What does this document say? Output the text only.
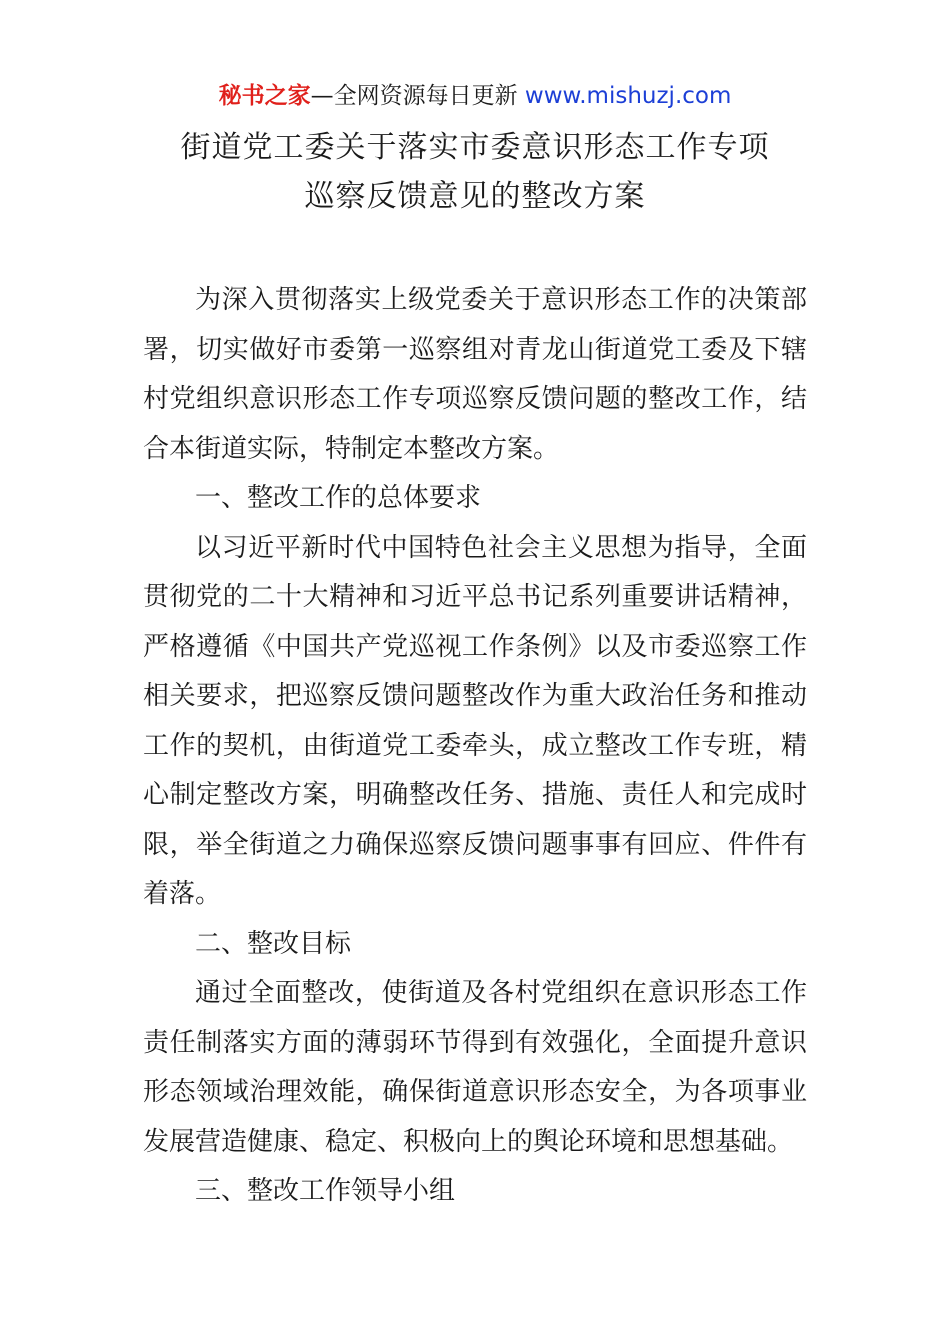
秘书之家—全网资源每日更新 www.mishuzj.com
街道党工委关于落实市委意识形态工作专项
巡察反馈意见的整改方案

为深入贯彻落实上级党委关于意识形态工作的决策部署，切实做好市委第一巡察组对青龙山街道党工委及下辖村党组织意识形态工作专项巡察反馈问题的整改工作，结合本街道实际，特制定本整改方案。

一、整改工作的总体要求

以习近平新时代中国特色社会主义思想为指导，全面贯彻党的二十大精神和习近平总书记系列重要讲话精神，严格遵循《中国共产党巡视工作条例》以及市委巡察工作相关要求，把巡察反馈问题整改作为重大政治任务和推动工作的契机，由街道党工委牵头，成立整改工作专班，精心制定整改方案，明确整改任务、措施、责任人和完成时限，举全街道之力确保巡察反馈问题事事有回应、件件有着落。

二、整改目标

通过全面整改，使街道及各村党组织在意识形态工作责任制落实方面的薄弱环节得到有效强化，全面提升意识形态领域治理效能，确保街道意识形态安全，为各项事业发展营造健康、稳定、积极向上的舆论环境和思想基础。

三、整改工作领导小组
